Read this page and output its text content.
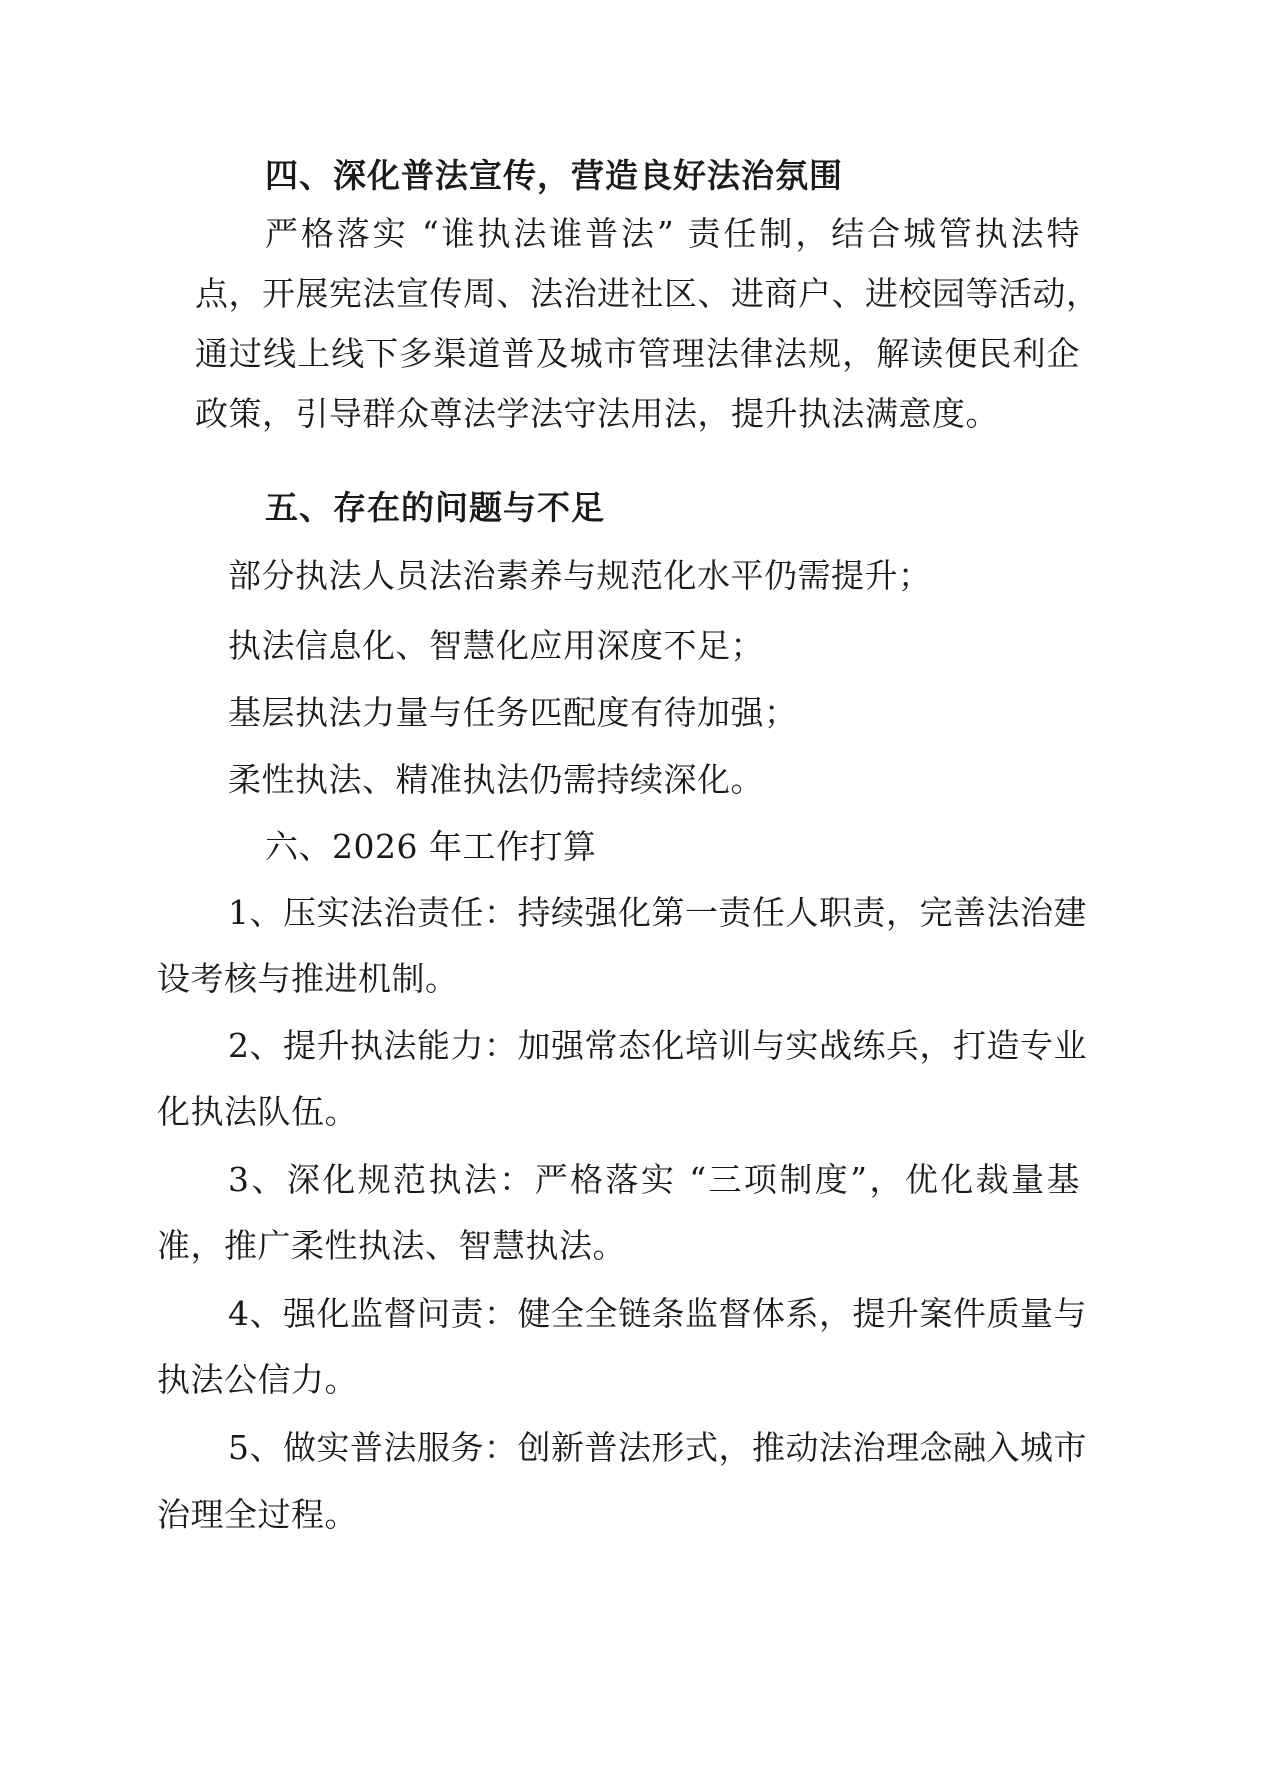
四、深化普法宣传，营造良好法治氛围
严格落实 “谁执法谁普法” 责任制，结合城管执法特
点，开展宪法宣传周、法治进社区、进商户、进校园等活动，
通过线上线下多渠道普及城市管理法律法规，解读便民利企
政策，引导群众尊法学法守法用法，提升执法满意度。
五、存在的问题与不足
部分执法人员法治素养与规范化水平仍需提升；
执法信息化、智慧化应用深度不足；
基层执法力量与任务匹配度有待加强；
柔性执法、精准执法仍需持续深化。
六、2026 年工作打算
1、压实法治责任：持续强化第一责任人职责，完善法治建
设考核与推进机制。
2、提升执法能力：加强常态化培训与实战练兵，打造专业
化执法队伍。
3、深化规范执法：严格落实 “三项制度”，优化裁量基
准，推广柔性执法、智慧执法。
4、强化监督问责：健全全链条监督体系，提升案件质量与
执法公信力。
5、做实普法服务：创新普法形式，推动法治理念融入城市
治理全过程。
